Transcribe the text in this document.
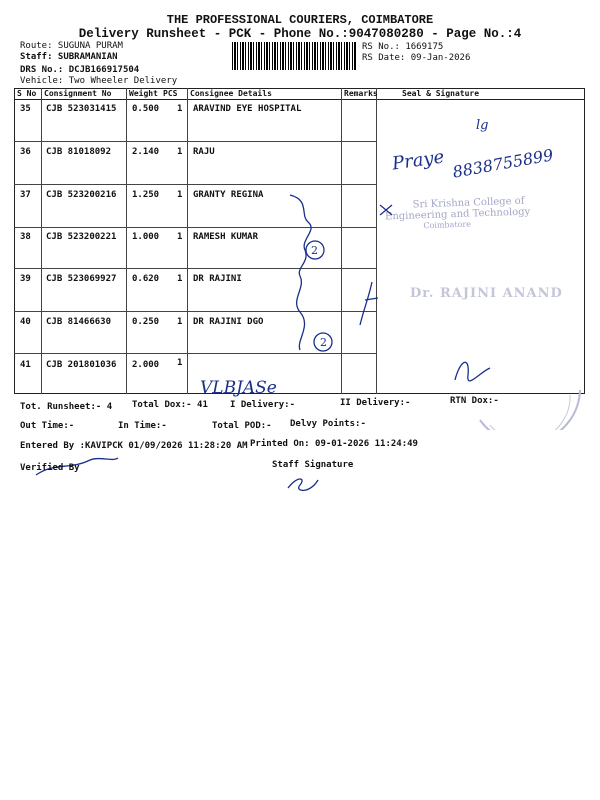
THE PROFESSIONAL COURIERS, COIMBATORE
Delivery Runsheet - PCK - Phone No.:9047080280 - Page No.:4
Route: SUGUNA PURAM
Staff: SUBRAMANIAN
DRS No.: DCJB166917504
Vehicle: Two Wheeler Delivery
RS No.: 1669175
RS Date: 09-Jan-2026
S No Consignment No Weight PCS Consignee Details	Remarks	Seal & Signature
35 CJB 523031415 0.500 1 ARAVIND EYE HOSPITAL
36 CJB 81018092 2.140 1 RAJU
37 CJB 523200216 1.250 1 GRANTY REGINA
38 CJB 523200221 1.000 1 RAMESH KUMAR
39 CJB 523069927 0.620 1 DR RAJINI
40 CJB 81466630 0.250 1 DR RAJINI DGO
41 CJB 201801036 2.000 1
Sri Krishna College of
Engineering and Technology
Coimbatore
Dr. RAJINI ANAND
lg
Praye 8838755899
VLBJASe
2
2
Tot. Runsheet:- 4 Total Dox:- 41 I Delivery:-	II Delivery:-	RTN Dox:-
Out Time:-	In Time:-	Total POD:- Delvy Points:-
Entered By :KAVIPCK 01/09/2026 11:28:20 AM Printed On: 09-01-2026 11:24:49
Verified By	Staff Signature
